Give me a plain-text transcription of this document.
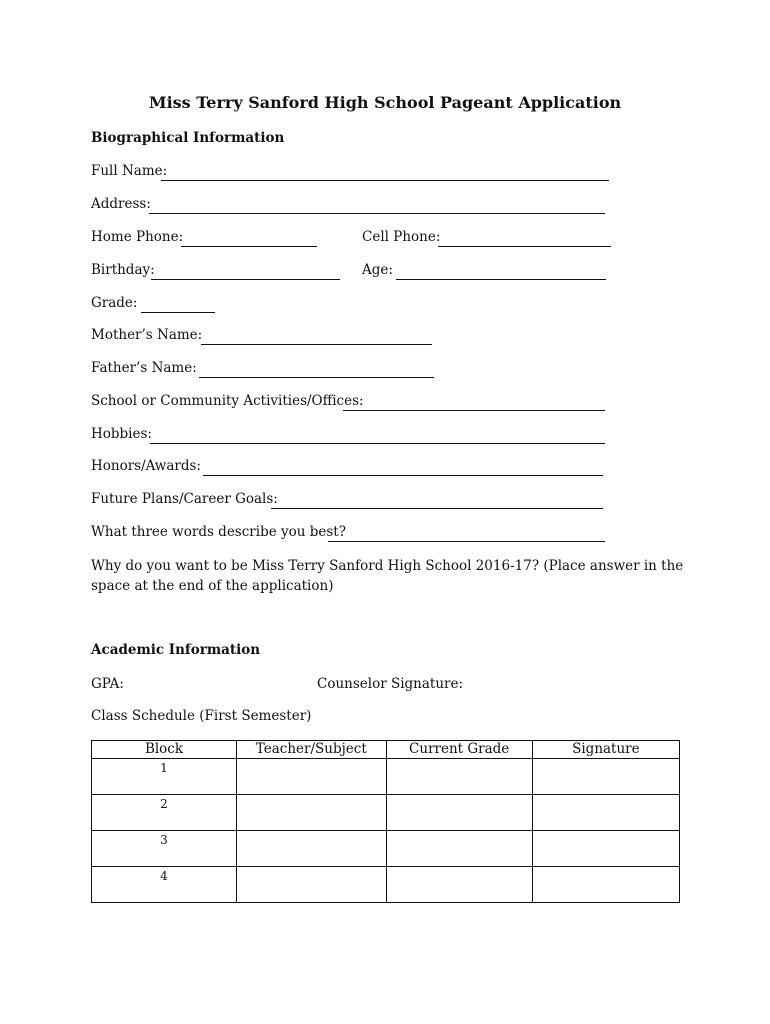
Miss Terry Sanford High School Pageant Application
Biographical Information
Full Name:
Address:
Home Phone:	Cell Phone:
Birthday:	Age:
Grade:
Mother’s Name:
Father’s Name:
School or Community Activities/Offices:
Hobbies:
Honors/Awards:
Future Plans/Career Goals:
What three words describe you best?

Why do you want to be Miss Terry Sanford High School 2016-17? (Place answer in the space at the end of the application)

Academic Information
GPA:	Counselor Signature:
Class Schedule (First Semester)
Block	Teacher/Subject	Current Grade	Signature
1			
2			
3			
4			
